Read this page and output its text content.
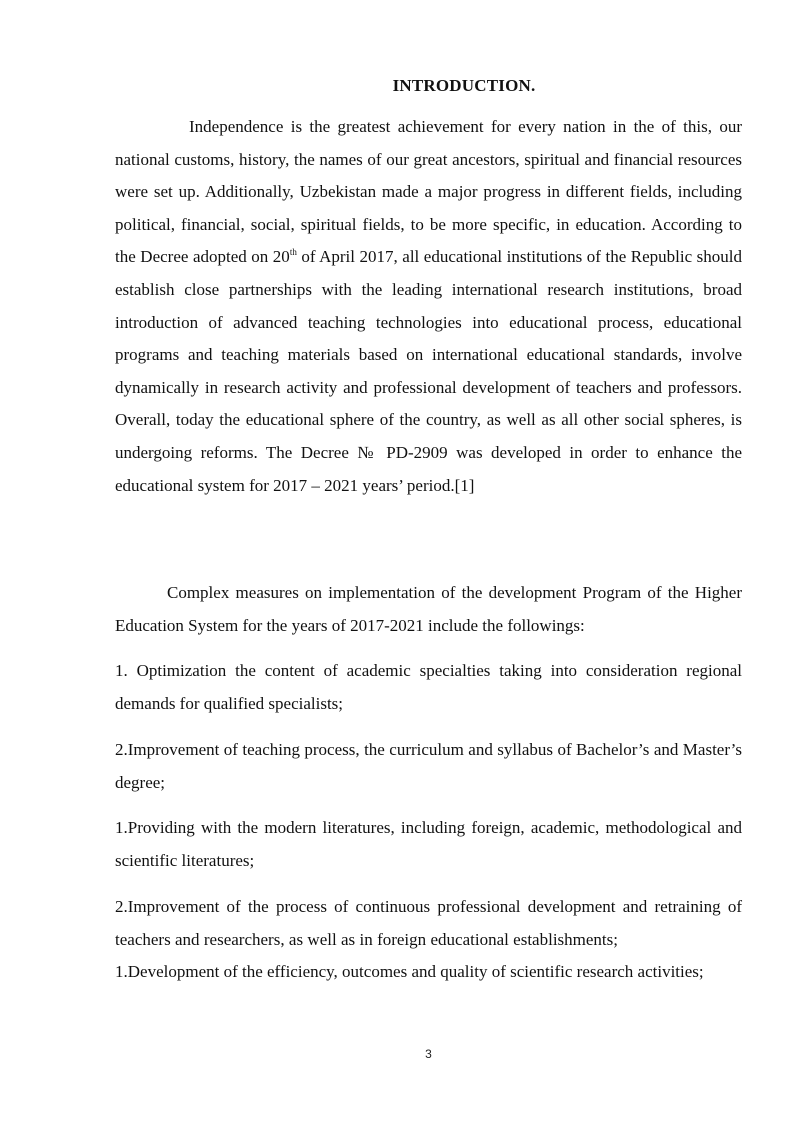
INTRODUCTION.

Independence is the greatest achievement for every nation in the of this, our national customs, history, the names of our great ancestors, spiritual and financial resources were set up. Additionally, Uzbekistan made a major progress in different fields, including political, financial, social, spiritual fields, to be more specific, in education. According to the Decree adopted on 20th of April 2017, all educational institutions of the Republic should establish close partnerships with the leading international research institutions, broad introduction of advanced teaching technologies into educational process, educational programs and teaching materials based on international educational standards, involve dynamically in research activity and professional development of teachers and professors. Overall, today the educational sphere of the country, as well as all other social spheres, is undergoing reforms. The Decree № PD-2909 was developed in order to enhance the educational system for 2017 – 2021 years’ period.[1]

Complex measures on implementation of the development Program of the Higher Education System for the years of 2017-2021 include the followings:

1. Optimization the content of academic specialties taking into consideration regional demands for qualified specialists;

2.Improvement of teaching process, the curriculum and syllabus of Bachelor’s and Master’s degree;

1.Providing with the modern literatures, including foreign, academic, methodological and scientific literatures;

2.Improvement of the process of continuous professional development and retraining of teachers and researchers, as well as in foreign educational establishments;1.Development of the efficiency, outcomes and quality of scientific research activities;

3
